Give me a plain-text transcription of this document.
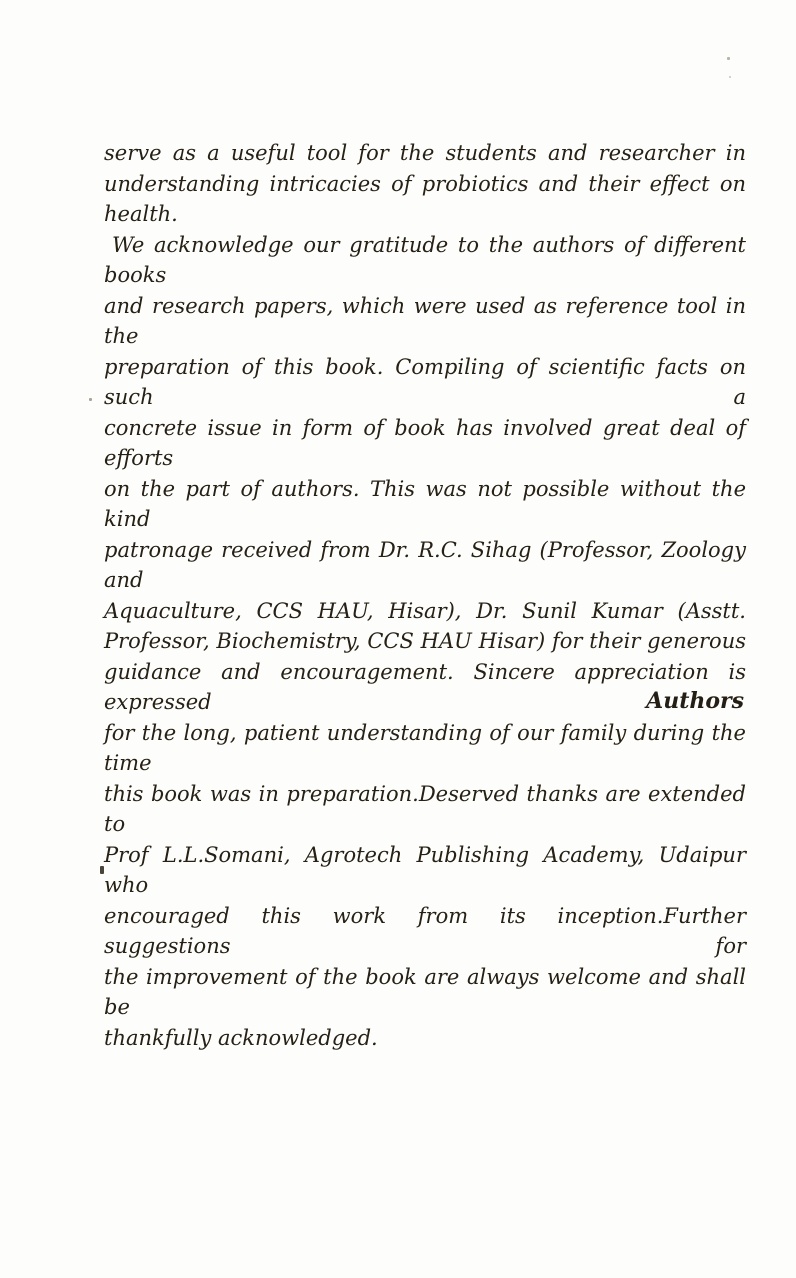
serve as a useful tool for the students and researcher in

understanding intricacies of probiotics and their effect on health.

We acknowledge our gratitude to the authors of different books

and research papers, which were used as reference tool in the

preparation of this book. Compiling of scientific facts on such a

concrete issue in form of book has involved great deal of efforts

on the part of authors. This was not possible without the kind

patronage received from Dr. R.C. Sihag (Professor, Zoology and

Aquaculture, CCS HAU, Hisar), Dr. Sunil Kumar (Asstt.

Professor, Biochemistry, CCS HAU Hisar) for their generous

guidance and encouragement. Sincere appreciation is expressed

for the long, patient understanding of our family during the time

this book was in preparation.Deserved thanks are extended to

Prof L.L.Somani, Agrotech Publishing Academy, Udaipur who

encouraged this work from its inception.Further suggestions for

the improvement of the book are always welcome and shall be

thankfully acknowledged.

Authors
